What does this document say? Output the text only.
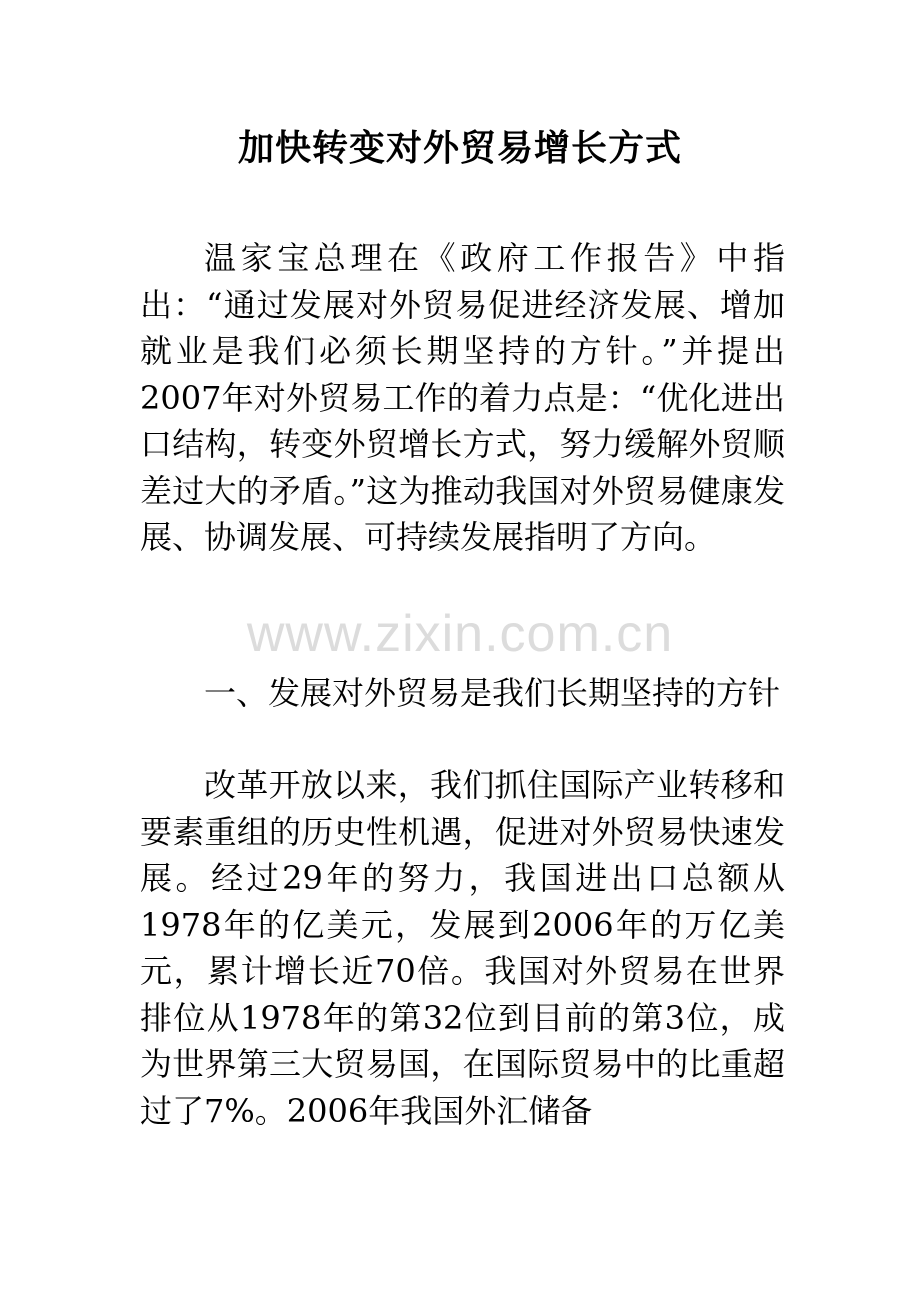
加快转变对外贸易增长方式

温家宝总理在《政府工作报告》中指出：“通过发展对外贸易促进经济发展、增加就业是我们必须长期坚持的方针。”并提出2007年对外贸易工作的着力点是：“优化进出口结构，转变外贸增长方式，努力缓解外贸顺差过大的矛盾。”这为推动我国对外贸易健康发展、协调发展、可持续发展指明了方向。

www.zixin.com.cn

一、发展对外贸易是我们长期坚持的方针

改革开放以来，我们抓住国际产业转移和要素重组的历史性机遇，促进对外贸易快速发展。经过29年的努力，我国进出口总额从1978年的亿美元，发展到2006年的万亿美元，累计增长近70倍。我国对外贸易在世界排位从1978年的第32位到目前的第3位，成为世界第三大贸易国，在国际贸易中的比重超过了7%。2006年我国外汇储备
